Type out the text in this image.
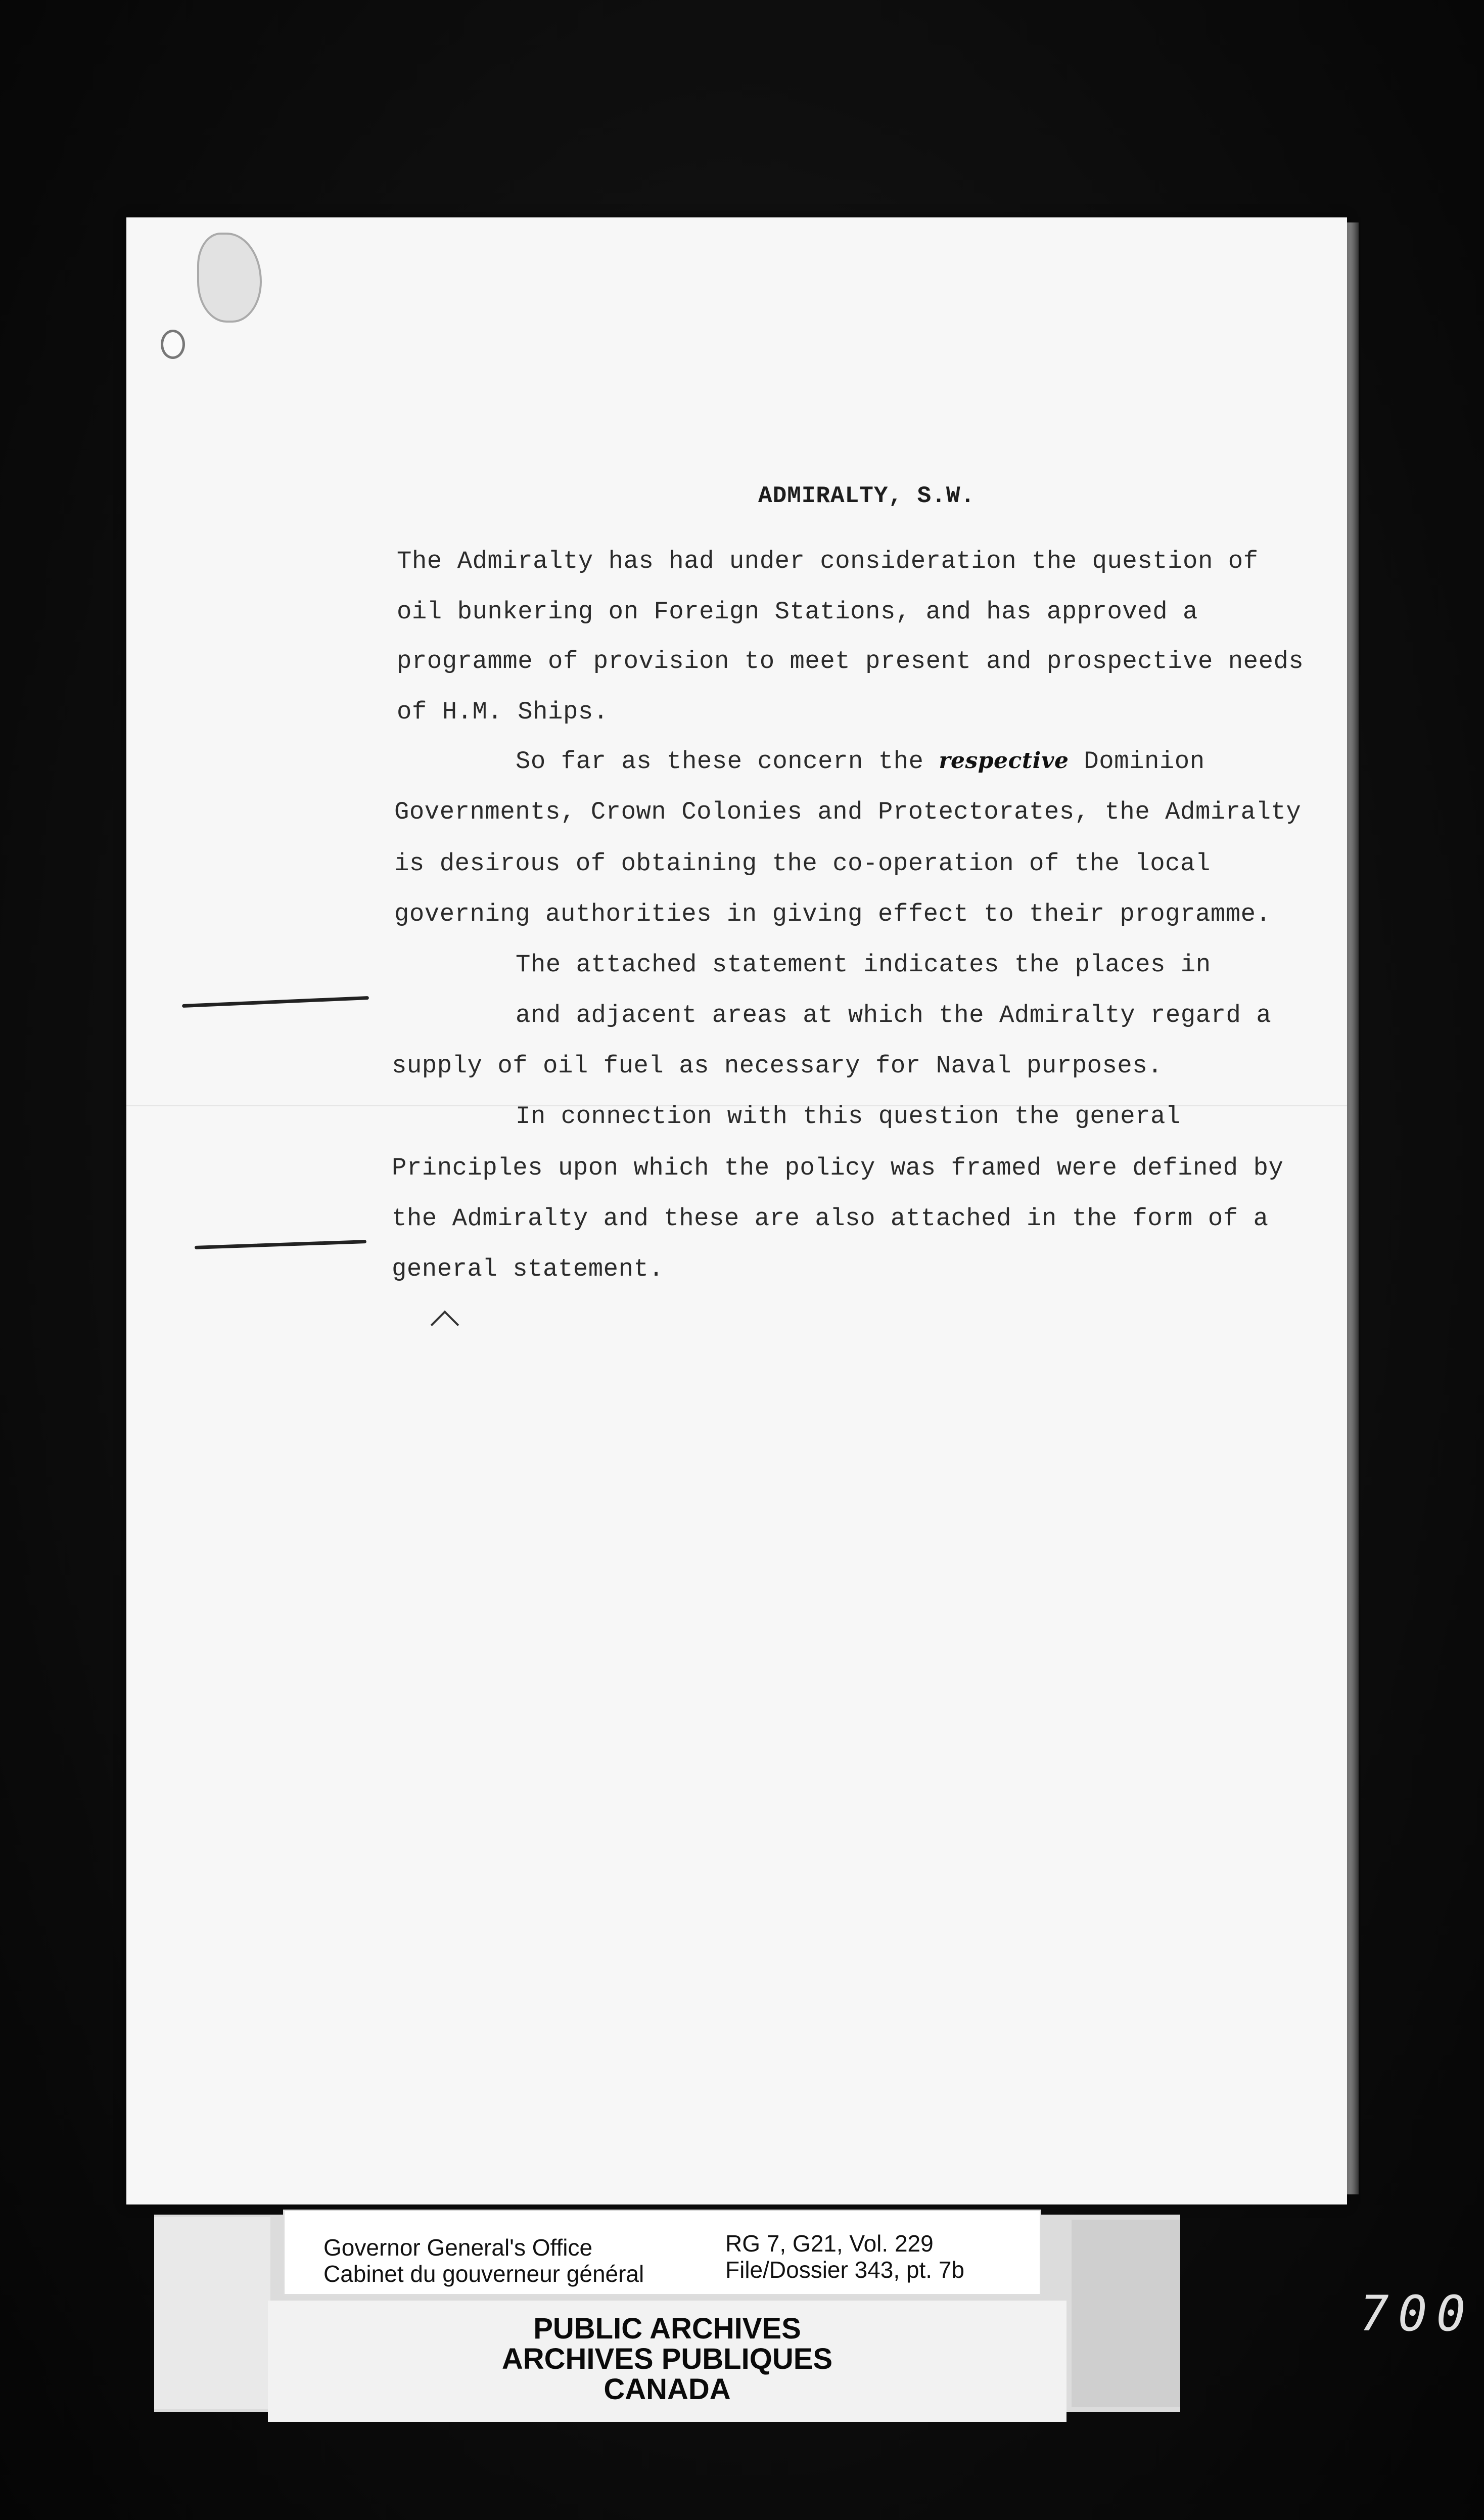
ADMIRALTY, S.W.
The Admiralty has had under consideration the question of
oil bunkering on Foreign Stations, and has approved a
programme of provision to meet present and prospective needs
of H.M. Ships.
So far as these concern the respective Dominion
Governments, Crown Colonies and Protectorates, the Admiralty
is desirous of obtaining the co-operation of the local
governing authorities in giving effect to their programme.
The attached statement indicates the places in
and adjacent areas at which the Admiralty regard a
supply of oil fuel as necessary for Naval purposes.
In connection with this question the general
Principles upon which the policy was framed were defined by
the Admiralty and these are also attached in the form of a
general statement.
Governor General's Office
Cabinet du gouverneur général
RG 7, G21, Vol. 229
File/Dossier 343, pt. 7b
PUBLIC ARCHIVES
ARCHIVES PUBLIQUES
CANADA
700
